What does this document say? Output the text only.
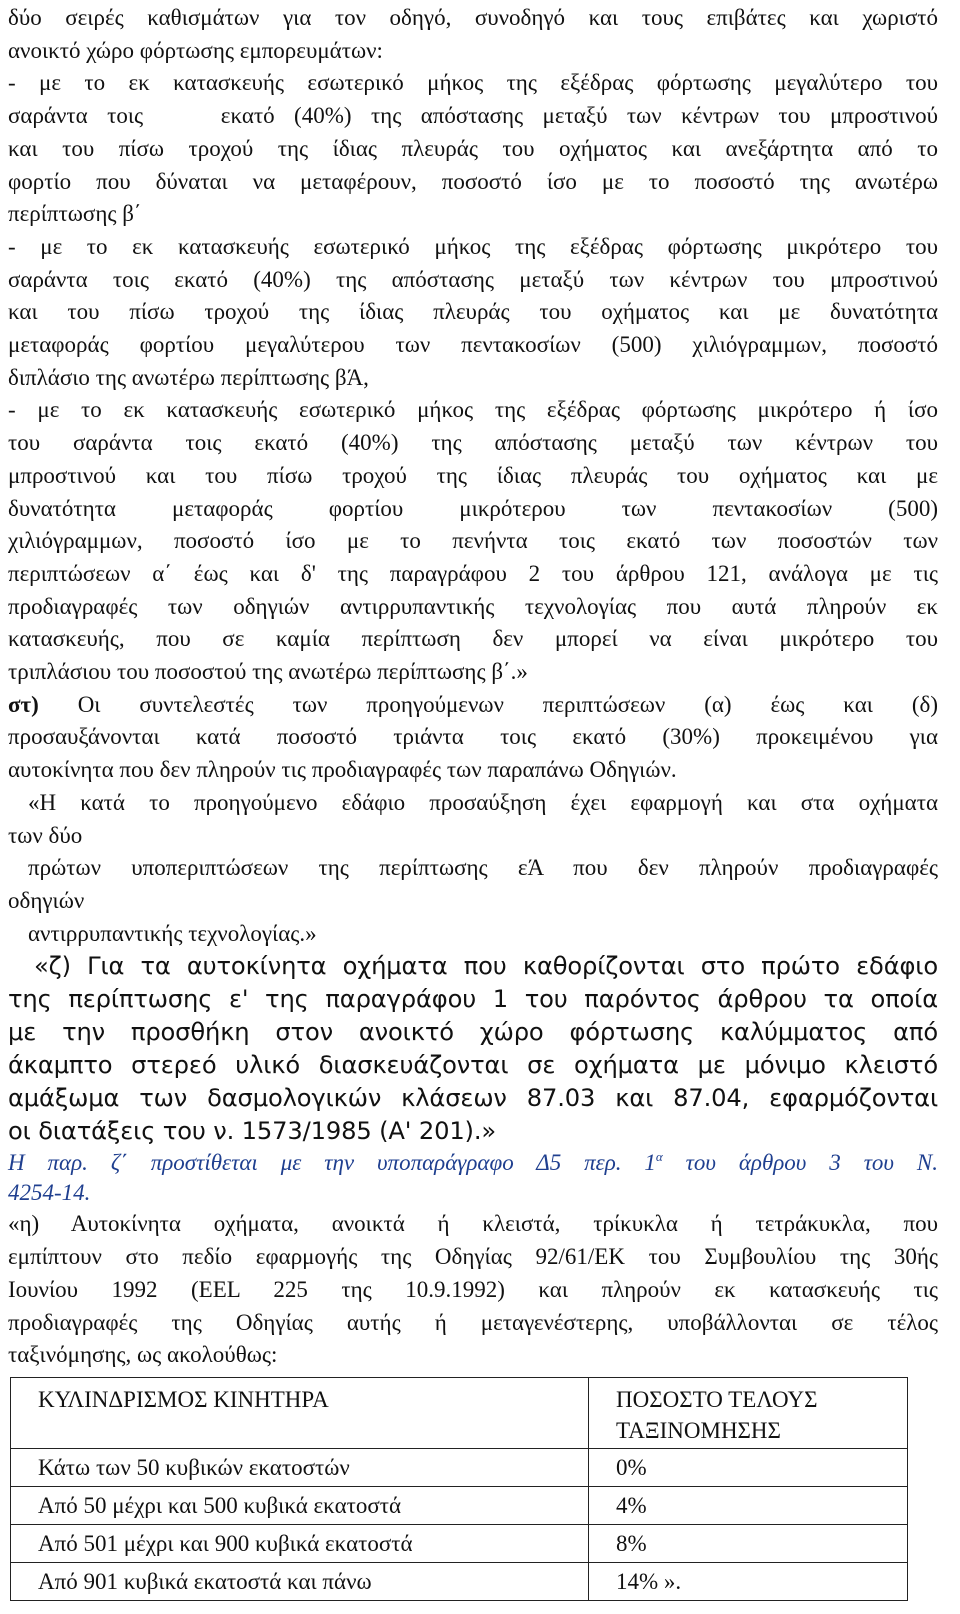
δύο σειρές καθισμάτων για τον οδηγό, συνοδηγό και τους επιβάτες και χωριστό

ανοικτό χώρο φόρτωσης εμπορευμάτων:

- με το εκ κατασκευής εσωτερικό μήκος της εξέδρας φόρτωσης μεγαλύτερο του

σαράντα τοις    εκατό (40%) της απόστασης μεταξύ των κέντρων του μπροστινού

και του πίσω τροχού της ίδιας πλευράς του οχήματος και ανεξάρτητα από το

φορτίο που δύναται να μεταφέρουν, ποσοστό ίσο με το ποσοστό της ανωτέρω

περίπτωσης β΄

- με το εκ κατασκευής εσωτερικό μήκος της εξέδρας φόρτωσης μικρότερο του

σαράντα τοις εκατό (40%) της απόστασης μεταξύ των κέντρων του μπροστινού

και του πίσω τροχού της ίδιας πλευράς του οχήματος και με δυνατότητα

μεταφοράς φορτίου μεγαλύτερου των πεντακοσίων (500) χιλιόγραμμων, ποσοστό

διπλάσιο της ανωτέρω περίπτωσης βΆ,

- με το εκ κατασκευής εσωτερικό μήκος της εξέδρας φόρτωσης μικρότερο ή ίσο

του σαράντα τοις εκατό (40%) της απόστασης μεταξύ των κέντρων του

μπροστινού και του πίσω τροχού της ίδιας πλευράς του οχήματος και με

δυνατότητα μεταφοράς φορτίου μικρότερου των πεντακοσίων (500)

χιλιόγραμμων, ποσοστό ίσο με το πενήντα τοις εκατό των ποσοστών των

περιπτώσεων α΄ έως και δ' της παραγράφου 2 του άρθρου 121, ανάλογα με τις

προδιαγραφές των οδηγιών αντιρρυπαντικής τεχνολογίας που αυτά πληρούν εκ

κατασκευής, που σε καμία περίπτωση δεν μπορεί να είναι μικρότερο του

τριπλάσιου του ποσοστού της ανωτέρω περίπτωσης β΄.»

στ) Οι συντελεστές των προηγούμενων περιπτώσεων (α) έως και (δ)

προσαυξάνονται κατά ποσοστό τριάντα τοις εκατό (30%) προκειμένου για

αυτοκίνητα που δεν πληρούν τις προδιαγραφές των παραπάνω Οδηγιών.

«Η κατά το προηγούμενο εδάφιο προσαύξηση έχει εφαρμογή και στα οχήματα

των δύο

πρώτων υποπεριπτώσεων της περίπτωσης εΆ που δεν πληρούν προδιαγραφές

οδηγιών

αντιρρυπαντικής τεχνολογίας.»

«ζ) Για τα αυτοκίνητα οχήματα που καθορίζονται στο πρώτο εδάφιο

της περίπτωσης ε' της παραγράφου 1 του παρόντος άρθρου τα οποία

με την προσθήκη στον ανοικτό χώρο φόρτωσης καλύμματος από

άκαμπτο στερεό υλικό διασκευάζονται σε οχήματα με μόνιμο κλειστό

αμάξωμα των δασμολογικών κλάσεων 87.03 και 87.04, εφαρμόζονται

οι διατάξεις του ν. 1573/1985 (Α' 201).»

Η παρ. ζ΄ προστίθεται με την υποπαράγραφο Δ5 περ. $1^\alpha$ του άρθρου 3 του Ν.

4254-14.

«η) Αυτοκίνητα οχήματα, ανοικτά ή κλειστά, τρίκυκλα ή τετράκυκλα, που

εμπίπτουν στο πεδίο εφαρμογής της Οδηγίας 92/61/ΕΚ του Συμβουλίου της 30ής

Ιουνίου 1992 (ΕΕL 225 της 10.9.1992) και πληρούν εκ κατασκευής τις

προδιαγραφές της Οδηγίας αυτής ή μεταγενέστερης, υποβάλλονται σε τέλος

ταξινόμησης, ως ακολούθως:

ΚΥΛΙΝΔΡΙΣΜΟΣ ΚΙΝΗΤΗΡΑ	ΠΟΣΟΣΤΟ ΤΕΛΟΥΣ
ΤΑΞΙΝΟΜΗΣΗΣ

Κάτω των 50 κυβικών εκατοστών	0%
Από 50 μέχρι και 500 κυβικά εκατοστά	4%
Από 501 μέχρι και 900 κυβικά εκατοστά	8%
Από 901 κυβικά εκατοστά και πάνω	14% ».
